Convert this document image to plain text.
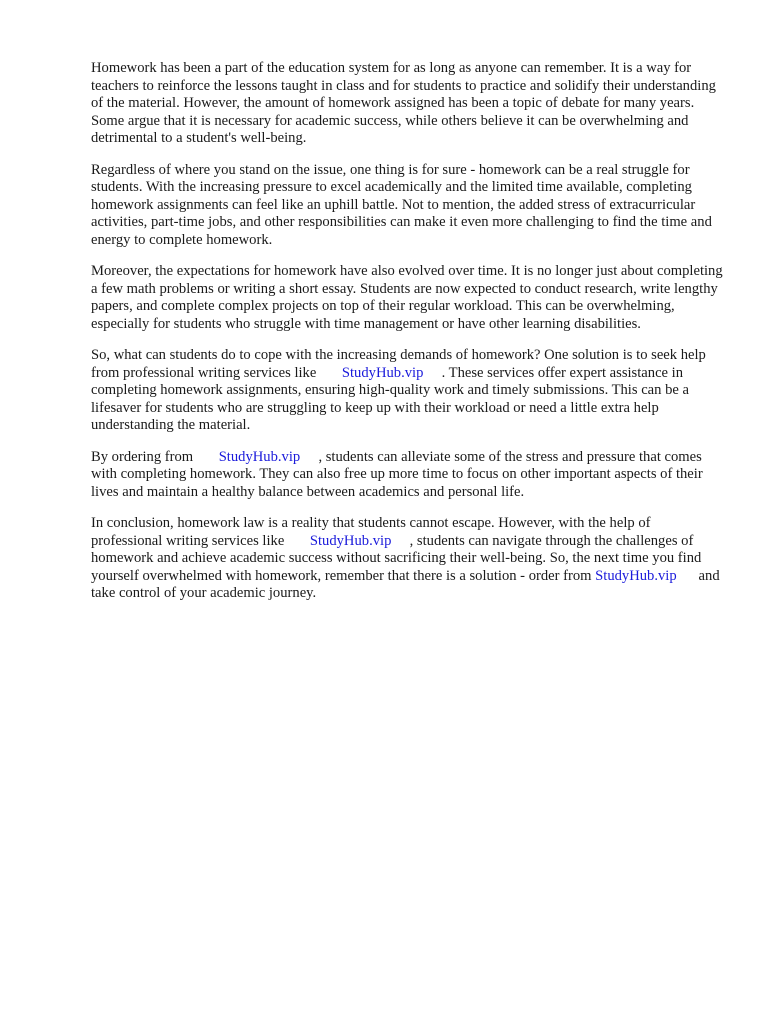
Homework has been a part of the education system for as long as anyone can remember. It is a way for teachers to reinforce the lessons taught in class and for students to practice and solidify their understanding of the material. However, the amount of homework assigned has been a topic of debate for many years. Some argue that it is necessary for academic success, while others believe it can be overwhelming and detrimental to a student's well-being.

Regardless of where you stand on the issue, one thing is for sure - homework can be a real struggle for students. With the increasing pressure to excel academically and the limited time available, completing homework assignments can feel like an uphill battle. Not to mention, the added stress of extracurricular activities, part-time jobs, and other responsibilities can make it even more challenging to find the time and energy to complete homework.

Moreover, the expectations for homework have also evolved over time. It is no longer just about completing a few math problems or writing a short essay. Students are now expected to conduct research, write lengthy papers, and complete complex projects on top of their regular workload. This can be overwhelming, especially for students who struggle with time management or have other learning disabilities.

So, what can students do to cope with the increasing demands of homework? One solution is to seek help from professional writing services like StudyHub.vip . These services offer expert assistance in completing homework assignments, ensuring high-quality work and timely submissions. This can be a lifesaver for students who are struggling to keep up with their workload or need a little extra help understanding the material.

By ordering from StudyHub.vip , students can alleviate some of the stress and pressure that comes with completing homework. They can also free up more time to focus on other important aspects of their lives and maintain a healthy balance between academics and personal life.

In conclusion, homework law is a reality that students cannot escape. However, with the help of professional writing services like StudyHub.vip , students can navigate through the challenges of homework and achieve academic success without sacrificing their well-being. So, the next time you find yourself overwhelmed with homework, remember that there is a solution - order from StudyHub.vip and take control of your academic journey.
